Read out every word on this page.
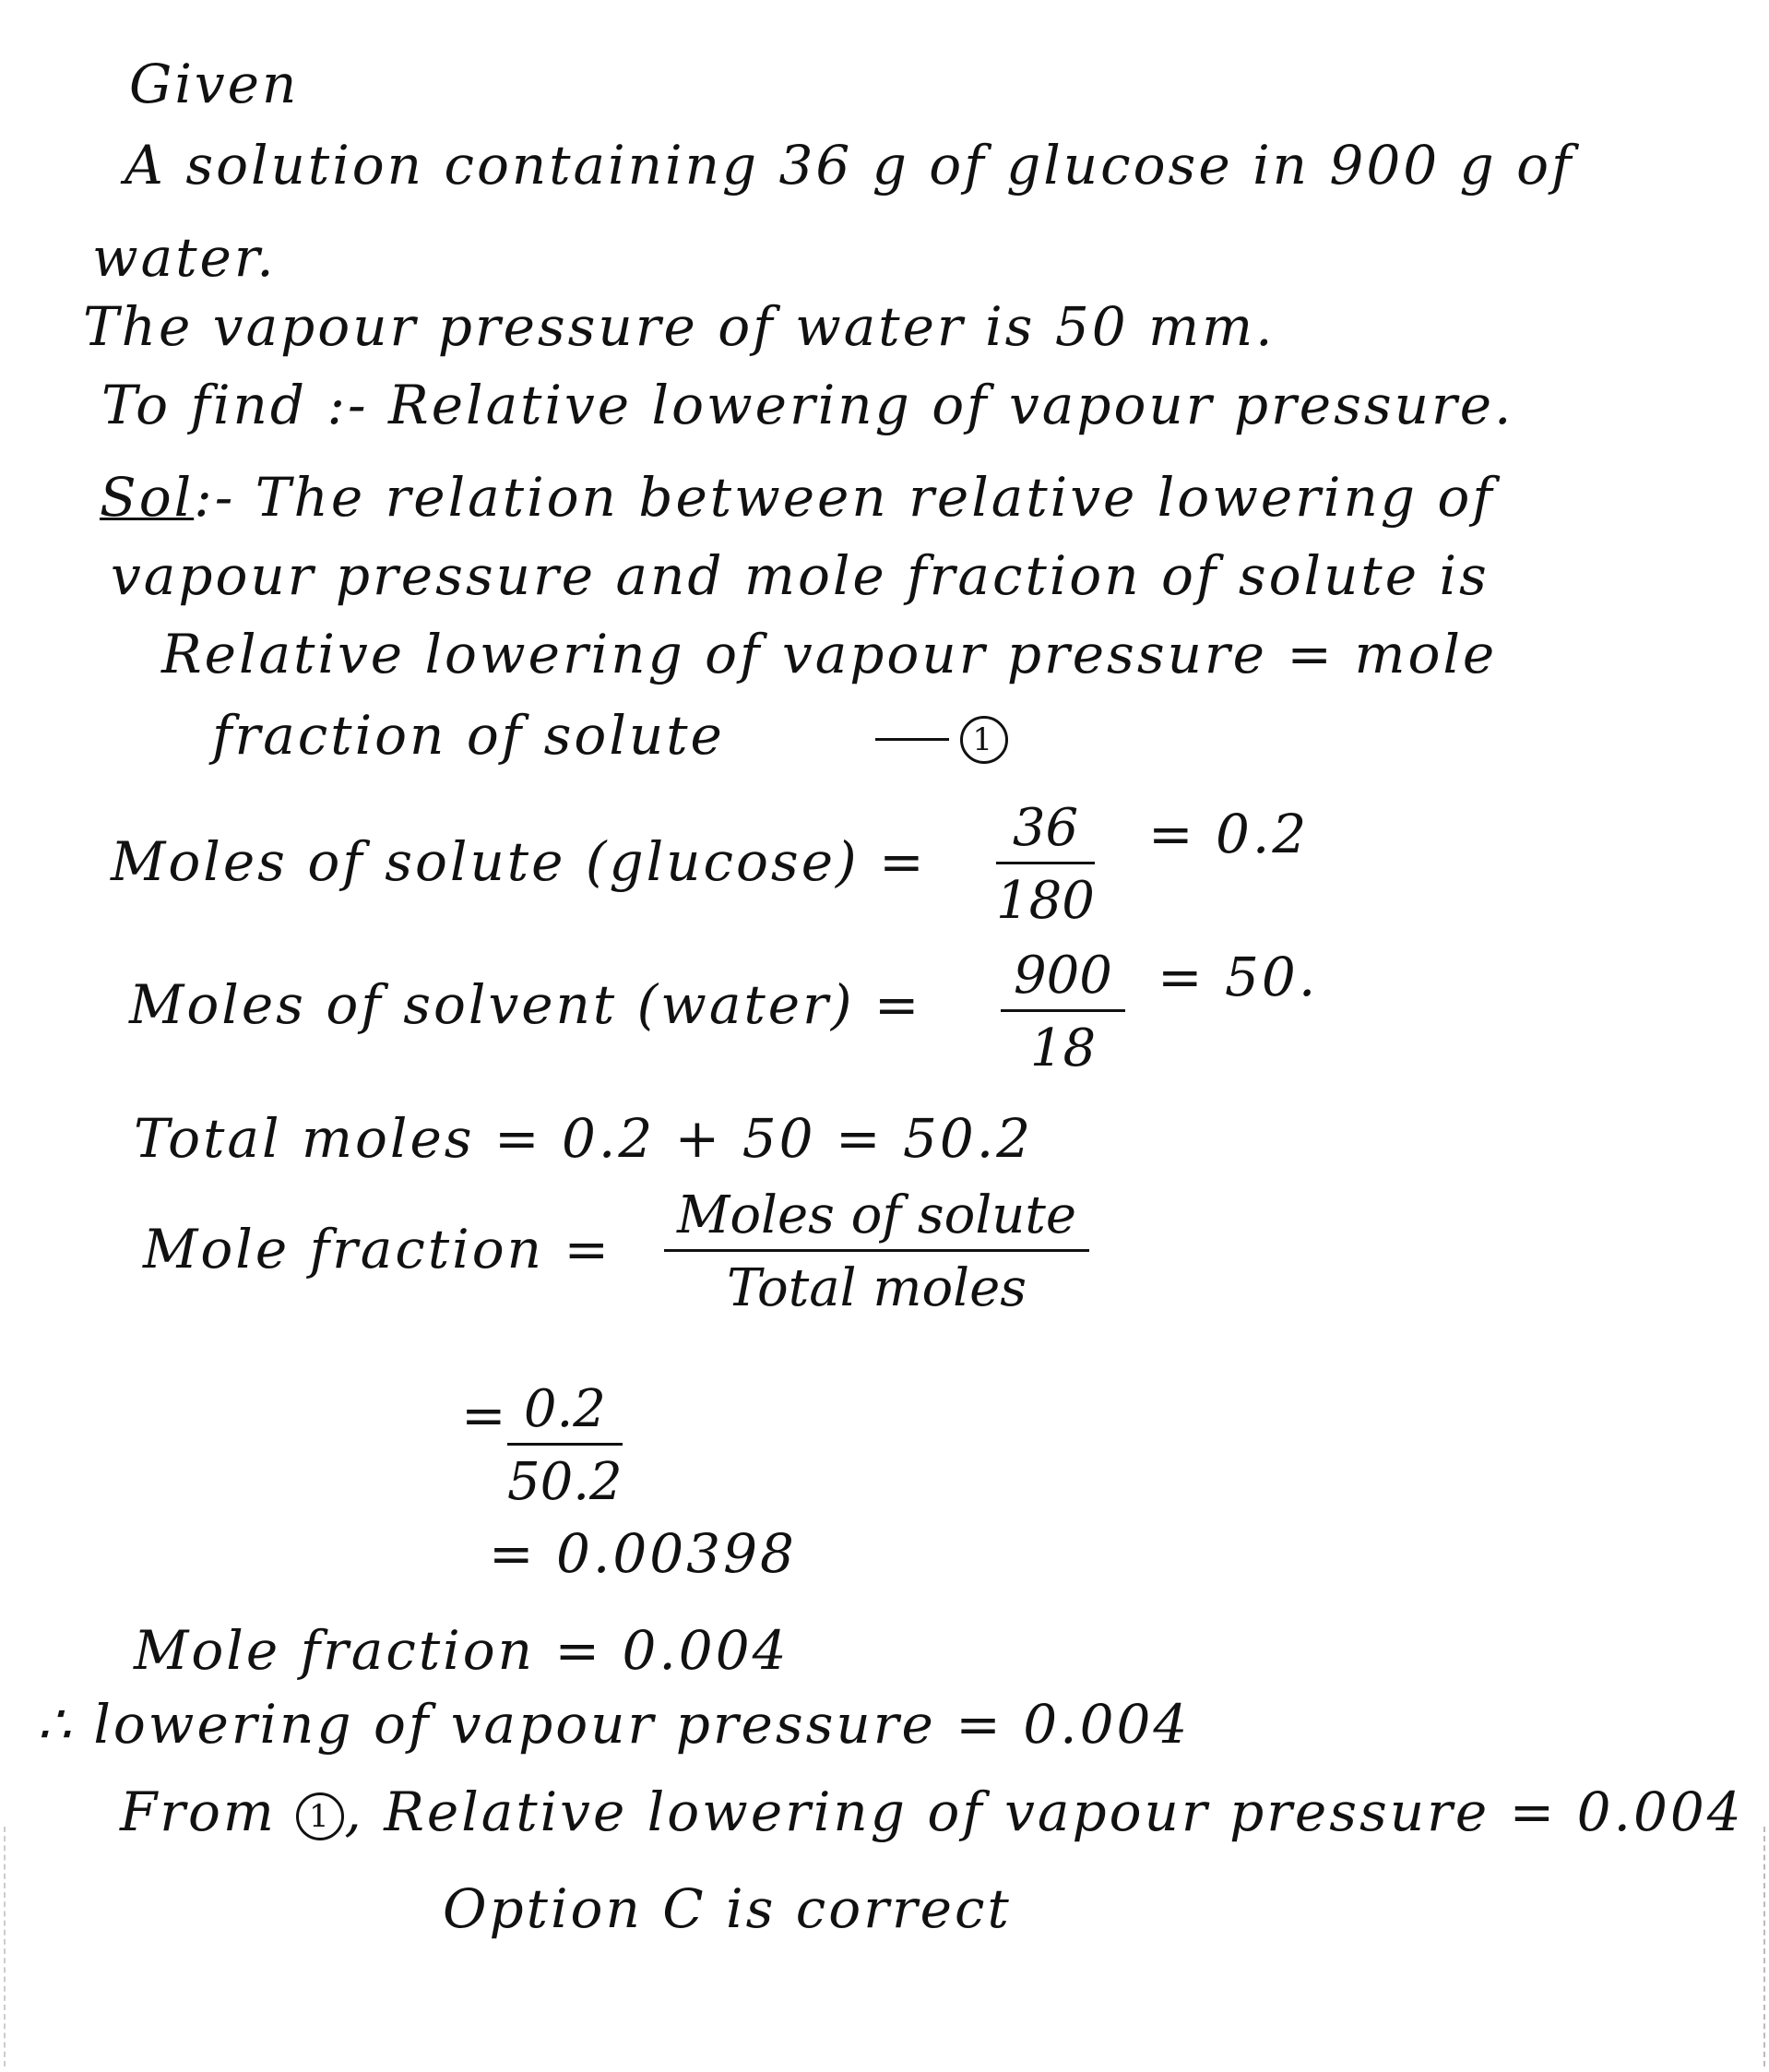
Given
A solution containing 36 g of glucose in 900 g of
water.
The vapour pressure of water is 50 mm.
To find :- Relative lowering of vapour pressure.
Sol:- The relation between relative lowering of
vapour pressure and mole fraction of solute is
Relative lowering of vapour pressure = mole
fraction of solute	1
Moles of solute $(glucose) = \frac{36}{180} = 0.2$
Moles of solvent (water) = $\frac{900}{18} = 50$.
Total moles = 0.2 + 50 = 50.2
Mole fraction =
Moles of solute
Total moles
=
$\frac{0.2}{50.2}$
= 0.00398
Mole fraction = 0.004
∴ lowering of vapour pressure = 0.004
From 1 , Relative lowering of vapour pressure = 0.004
Option C is correct
